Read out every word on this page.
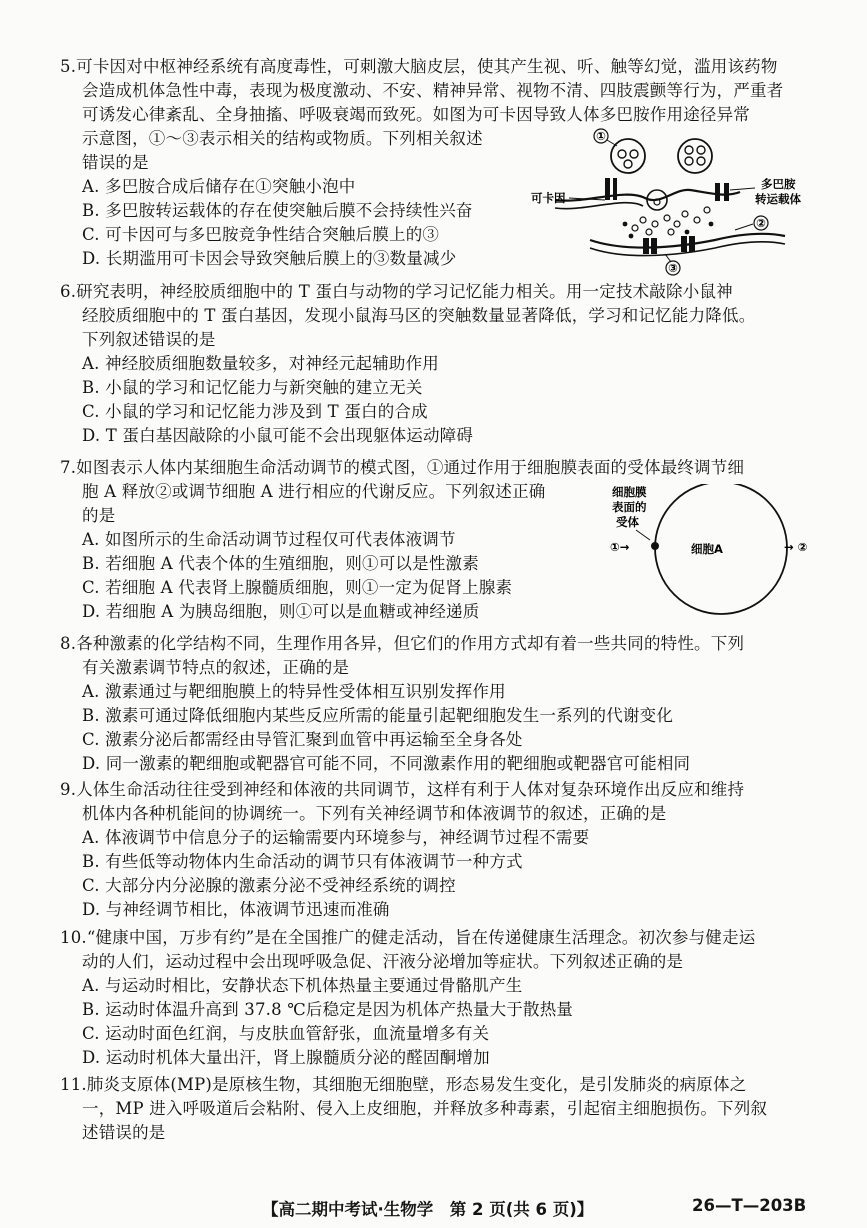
5.可卡因对中枢神经系统有高度毒性，可刺激大脑皮层，使其产生视、听、触等幻觉，滥用该药物
会造成机体急性中毒，表现为极度激动、不安、精神异常、视物不清、四肢震颤等行为，严重者
可诱发心律紊乱、全身抽搐、呼吸衰竭而致死。如图为可卡因导致人体多巴胺作用途径异常
示意图，①～③表示相关的结构或物质。下列相关叙述
错误的是
A. 多巴胺合成后储存在①突触小泡中
B. 多巴胺转运载体的存在使突触后膜不会持续性兴奋
C. 可卡因可与多巴胺竞争性结合突触后膜上的③
D. 长期滥用可卡因会导致突触后膜上的③数量减少
①
可卡因
多巴胺
转运载体
②
③
6.研究表明，神经胶质细胞中的 T 蛋白与动物的学习记忆能力相关。用一定技术敲除小鼠神
经胶质细胞中的 T 蛋白基因，发现小鼠海马区的突触数量显著降低，学习和记忆能力降低。
下列叙述错误的是
A. 神经胶质细胞数量较多，对神经元起辅助作用
B. 小鼠的学习和记忆能力与新突触的建立无关
C. 小鼠的学习和记忆能力涉及到 T 蛋白的合成
D. T 蛋白基因敲除的小鼠可能不会出现躯体运动障碍
7.如图表示人体内某细胞生命活动调节的模式图，①通过作用于细胞膜表面的受体最终调节细
胞 A 释放②或调节细胞 A 进行相应的代谢反应。下列叙述正确
的是
A. 如图所示的生命活动调节过程仅可代表体液调节
B. 若细胞 A 代表个体的生殖细胞，则①可以是性激素
C. 若细胞 A 代表肾上腺髓质细胞，则①一定为促肾上腺素
D. 若细胞 A 为胰岛细胞，则①可以是血糖或神经递质
细胞膜
表面的
受体
①→	细胞A	→ ②
8.各种激素的化学结构不同，生理作用各异，但它们的作用方式却有着一些共同的特性。下列
有关激素调节特点的叙述，正确的是
A. 激素通过与靶细胞膜上的特异性受体相互识别发挥作用
B. 激素可通过降低细胞内某些反应所需的能量引起靶细胞发生一系列的代谢变化
C. 激素分泌后都需经由导管汇聚到血管中再运输至全身各处
D. 同一激素的靶细胞或靶器官可能不同，不同激素作用的靶细胞或靶器官可能相同
9.人体生命活动往往受到神经和体液的共同调节，这样有利于人体对复杂环境作出反应和维持
机体内各种机能间的协调统一。下列有关神经调节和体液调节的叙述，正确的是
A. 体液调节中信息分子的运输需要内环境参与，神经调节过程不需要
B. 有些低等动物体内生命活动的调节只有体液调节一种方式
C. 大部分内分泌腺的激素分泌不受神经系统的调控
D. 与神经调节相比，体液调节迅速而准确
10.“健康中国，万步有约”是在全国推广的健走活动，旨在传递健康生活理念。初次参与健走运
动的人们，运动过程中会出现呼吸急促、汗液分泌增加等症状。下列叙述正确的是
A. 与运动时相比，安静状态下机体热量主要通过骨骼肌产生
B. 运动时体温升高到 37.8 ℃后稳定是因为机体产热量大于散热量
C. 运动时面色红润，与皮肤血管舒张，血流量增多有关
D. 运动时机体大量出汗，肾上腺髓质分泌的醛固酮增加
11.肺炎支原体(MP)是原核生物，其细胞无细胞壁，形态易发生变化，是引发肺炎的病原体之
一，MP 进入呼吸道后会粘附、侵入上皮细胞，并释放多种毒素，引起宿主细胞损伤。下列叙
述错误的是
【高二期中考试·生物学　第 2 页(共 6 页)】	26—T—203B
